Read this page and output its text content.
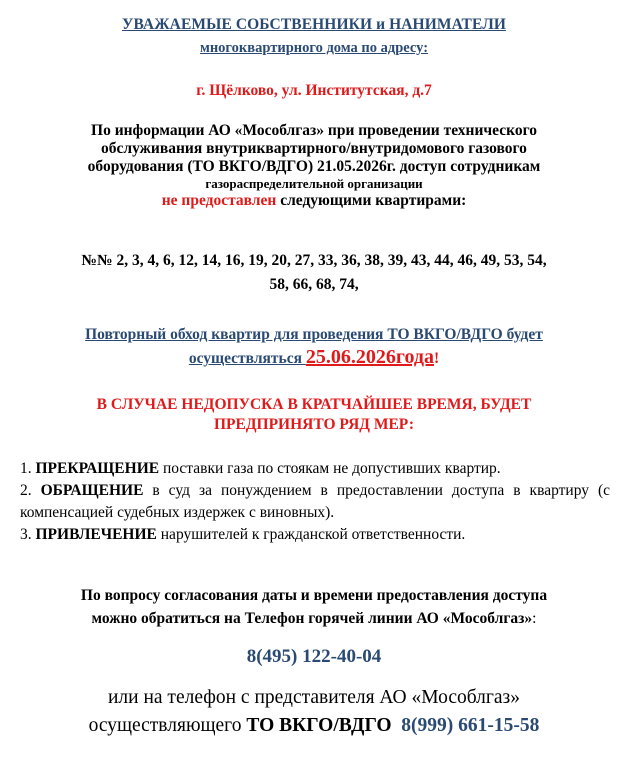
УВАЖАЕМЫЕ СОБСТВЕННИКИ и НАНИМАТЕЛИ
многоквартирного дома по адресу:
г. Щёлково, ул. Институтская, д.7
По информации АО «Мособлгаз» при проведении технического
обслуживания внутриквартирного/внутридомового газового
оборудования (ТО ВКГО/ВДГО) 21.05.2026г. доступ сотрудникам
газораспределительной организации
не предоставлен следующими квартирами:
№№ 2, 3, 4, 6, 12, 14, 16, 19, 20, 27, 33, 36, 38, 39, 43, 44, 46, 49, 53, 54,
58, 66, 68, 74,
Повторный обход квартир для проведения ТО ВКГО/ВДГО будет
осуществляться 25.06.2026года!
В СЛУЧАЕ НЕДОПУСКА В КРАТЧАЙШЕЕ ВРЕМЯ, БУДЕТ
ПРЕДПРИНЯТО РЯД МЕР:
1. ПРЕКРАЩЕНИЕ поставки газа по стоякам не допустивших квартир.
2. ОБРАЩЕНИЕ в суд за понуждением в предоставлении доступа в квартиру (с компенсацией судебных издержек с виновных).
3. ПРИВЛЕЧЕНИЕ нарушителей к гражданской ответственности.
По вопросу согласования даты и времени предоставления доступа
можно обратиться на Телефон горячей линии АО «Мособлгаз»:
8(495) 122-40-04
или на телефон с представителя АО «Мособлгаз»
осуществляющего ТО ВКГО/ВДГО 8(999) 661-15-58
